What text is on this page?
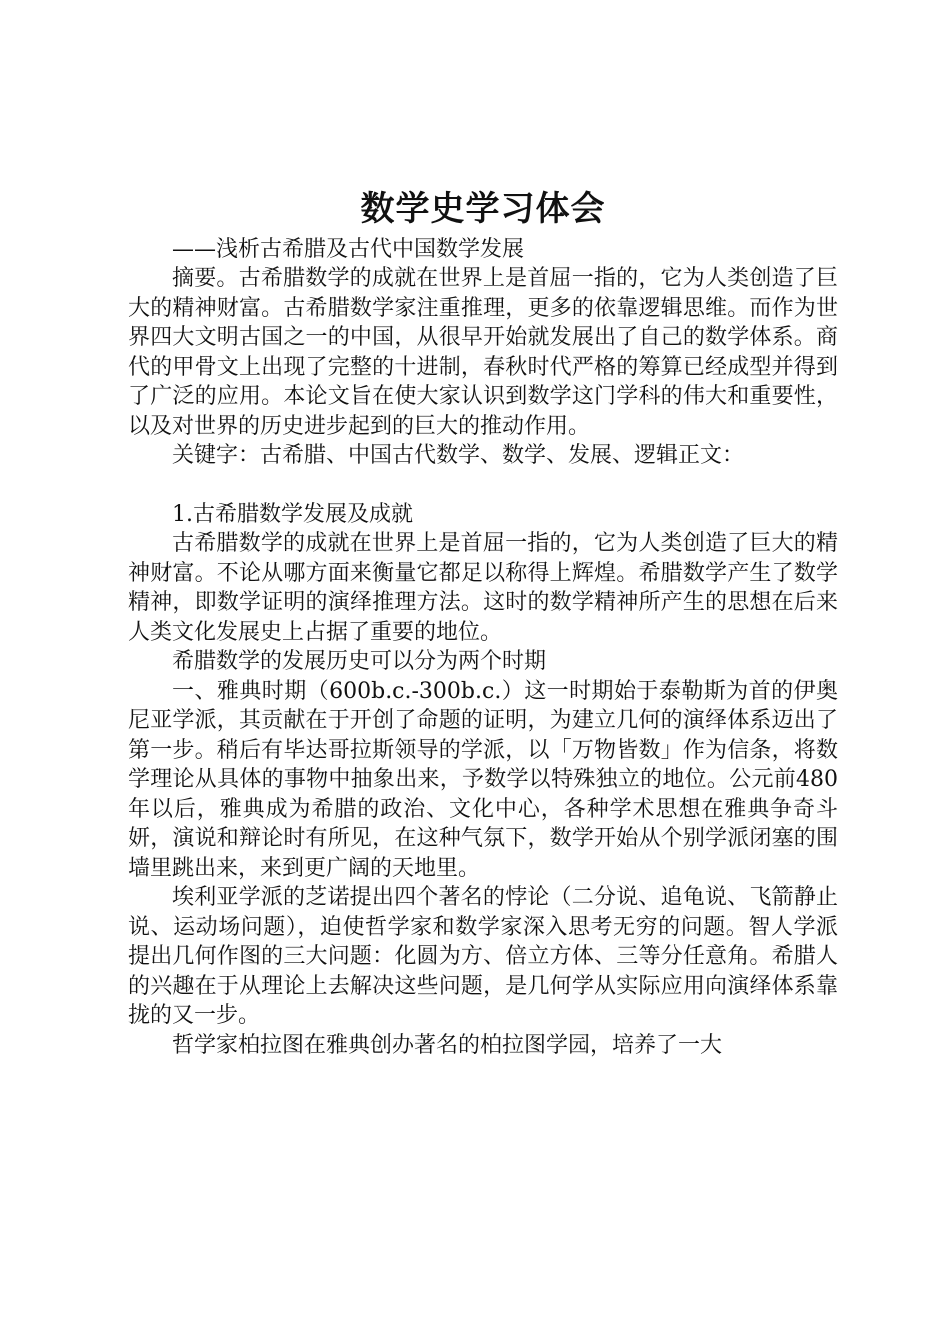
数学史学习体会

——浅析古希腊及古代中国数学发展

摘要。古希腊数学的成就在世界上是首屈一指的，它为人类创造了巨大的精神财富。古希腊数学家注重推理，更多的依靠逻辑思维。而作为世界四大文明古国之一的中国，从很早开始就发展出了自己的数学体系。商代的甲骨文上出现了完整的十进制，春秋时代严格的筹算已经成型并得到了广泛的应用。本论文旨在使大家认识到数学这门学科的伟大和重要性，以及对世界的历史进步起到的巨大的推动作用。

关键字：古希腊、中国古代数学、数学、发展、逻辑正文：

1.古希腊数学发展及成就

古希腊数学的成就在世界上是首屈一指的，它为人类创造了巨大的精神财富。不论从哪方面来衡量它都足以称得上辉煌。希腊数学产生了数学精神，即数学证明的演绎推理方法。这时的数学精神所产生的思想在后来人类文化发展史上占据了重要的地位。

希腊数学的发展历史可以分为两个时期

一、雅典时期（600b.c.-300b.c.）这一时期始于泰勒斯为首的伊奥尼亚学派，其贡献在于开创了命题的证明，为建立几何的演绎体系迈出了第一步。稍后有毕达哥拉斯领导的学派，以「万物皆数」作为信条，将数学理论从具体的事物中抽象出来，予数学以特殊独立的地位。公元前480年以后，雅典成为希腊的政治、文化中心，各种学术思想在雅典争奇斗妍，演说和辩论时有所见，在这种气氛下，数学开始从个别学派闭塞的围墙里跳出来，来到更广阔的天地里。

埃利亚学派的芝诺提出四个著名的悖论（二分说、追龟说、飞箭静止说、运动场问题），迫使哲学家和数学家深入思考无穷的问题。智人学派提出几何作图的三大问题：化圆为方、倍立方体、三等分任意角。希腊人的兴趣在于从理论上去解决这些问题，是几何学从实际应用向演绎体系靠拢的又一步。

哲学家柏拉图在雅典创办著名的柏拉图学园，培养了一大
